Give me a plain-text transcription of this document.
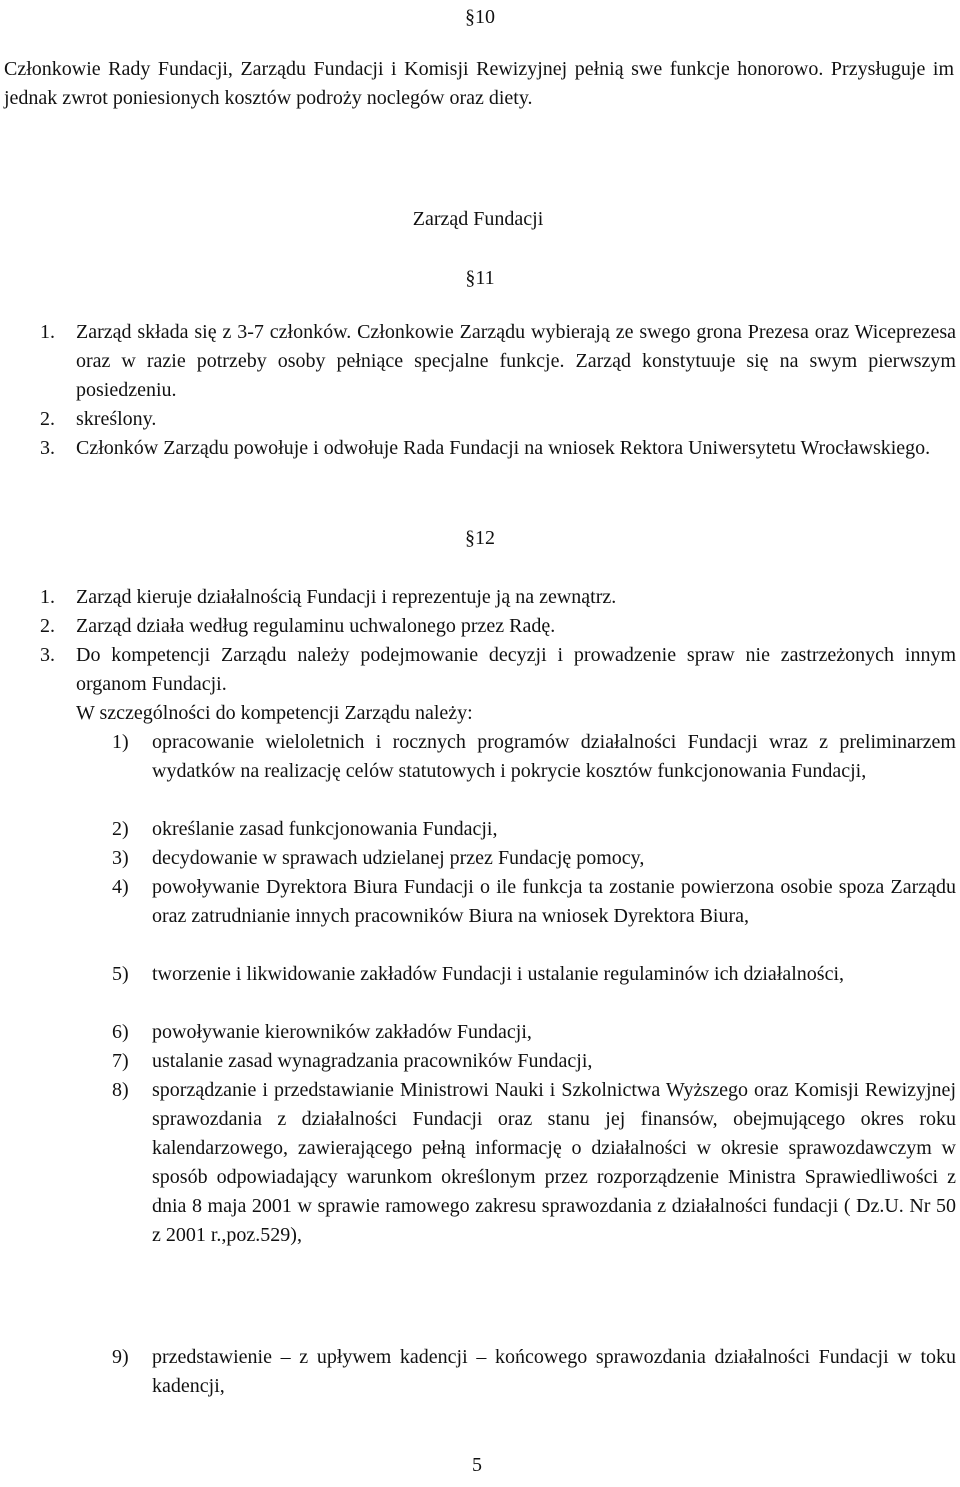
§10
Członkowie Rady Fundacji, Zarządu Fundacji i Komisji Rewizyjnej pełnią swe funkcje honorowo. Przysługuje im jednak zwrot poniesionych kosztów podroży noclegów oraz diety.
Zarząd Fundacji
§11
1. Zarząd składa się z 3-7 członków. Członkowie Zarządu wybierają ze swego grona Prezesa oraz Wiceprezesa oraz w razie potrzeby osoby pełniące specjalne funkcje. Zarząd konstytuuje się na swym pierwszym posiedzeniu.
2. skreślony.
3. Członków Zarządu powołuje i odwołuje Rada Fundacji na wniosek Rektora Uniwersytetu Wrocławskiego.
§12
1. Zarząd kieruje działalnością Fundacji i reprezentuje ją na zewnątrz.
2. Zarząd działa według regulaminu uchwalonego przez Radę.
3. Do kompetencji Zarządu należy podejmowanie decyzji i prowadzenie spraw nie zastrzeżonych innym organom Fundacji.
W szczególności do kompetencji Zarządu należy:
1) opracowanie wieloletnich i rocznych programów działalności Fundacji wraz z preliminarzem wydatków na realizację celów statutowych i pokrycie kosztów funkcjonowania Fundacji,
2) określanie zasad funkcjonowania Fundacji,
3) decydowanie w sprawach udzielanej przez Fundację pomocy,
4) powoływanie Dyrektora Biura Fundacji o ile funkcja ta zostanie powierzona osobie spoza Zarządu oraz zatrudnianie innych pracowników Biura na wniosek Dyrektora Biura,
5) tworzenie i likwidowanie zakładów Fundacji i ustalanie regulaminów ich działalności,
6) powoływanie kierowników zakładów Fundacji,
7) ustalanie zasad wynagradzania pracowników Fundacji,
8) sporządzanie i przedstawianie Ministrowi Nauki i Szkolnictwa Wyższego oraz Komisji Rewizyjnej sprawozdania z działalności Fundacji oraz stanu jej finansów, obejmującego okres roku kalendarzowego, zawierającego pełną informację o działalności w okresie sprawozdawczym w sposób odpowiadający warunkom określonym przez rozporządzenie Ministra Sprawiedliwości z dnia 8 maja 2001 w sprawie ramowego zakresu sprawozdania z działalności fundacji ( Dz.U. Nr 50 z 2001 r.,poz.529),
9) przedstawienie – z upływem kadencji – końcowego sprawozdania działalności Fundacji w toku kadencji,
5
